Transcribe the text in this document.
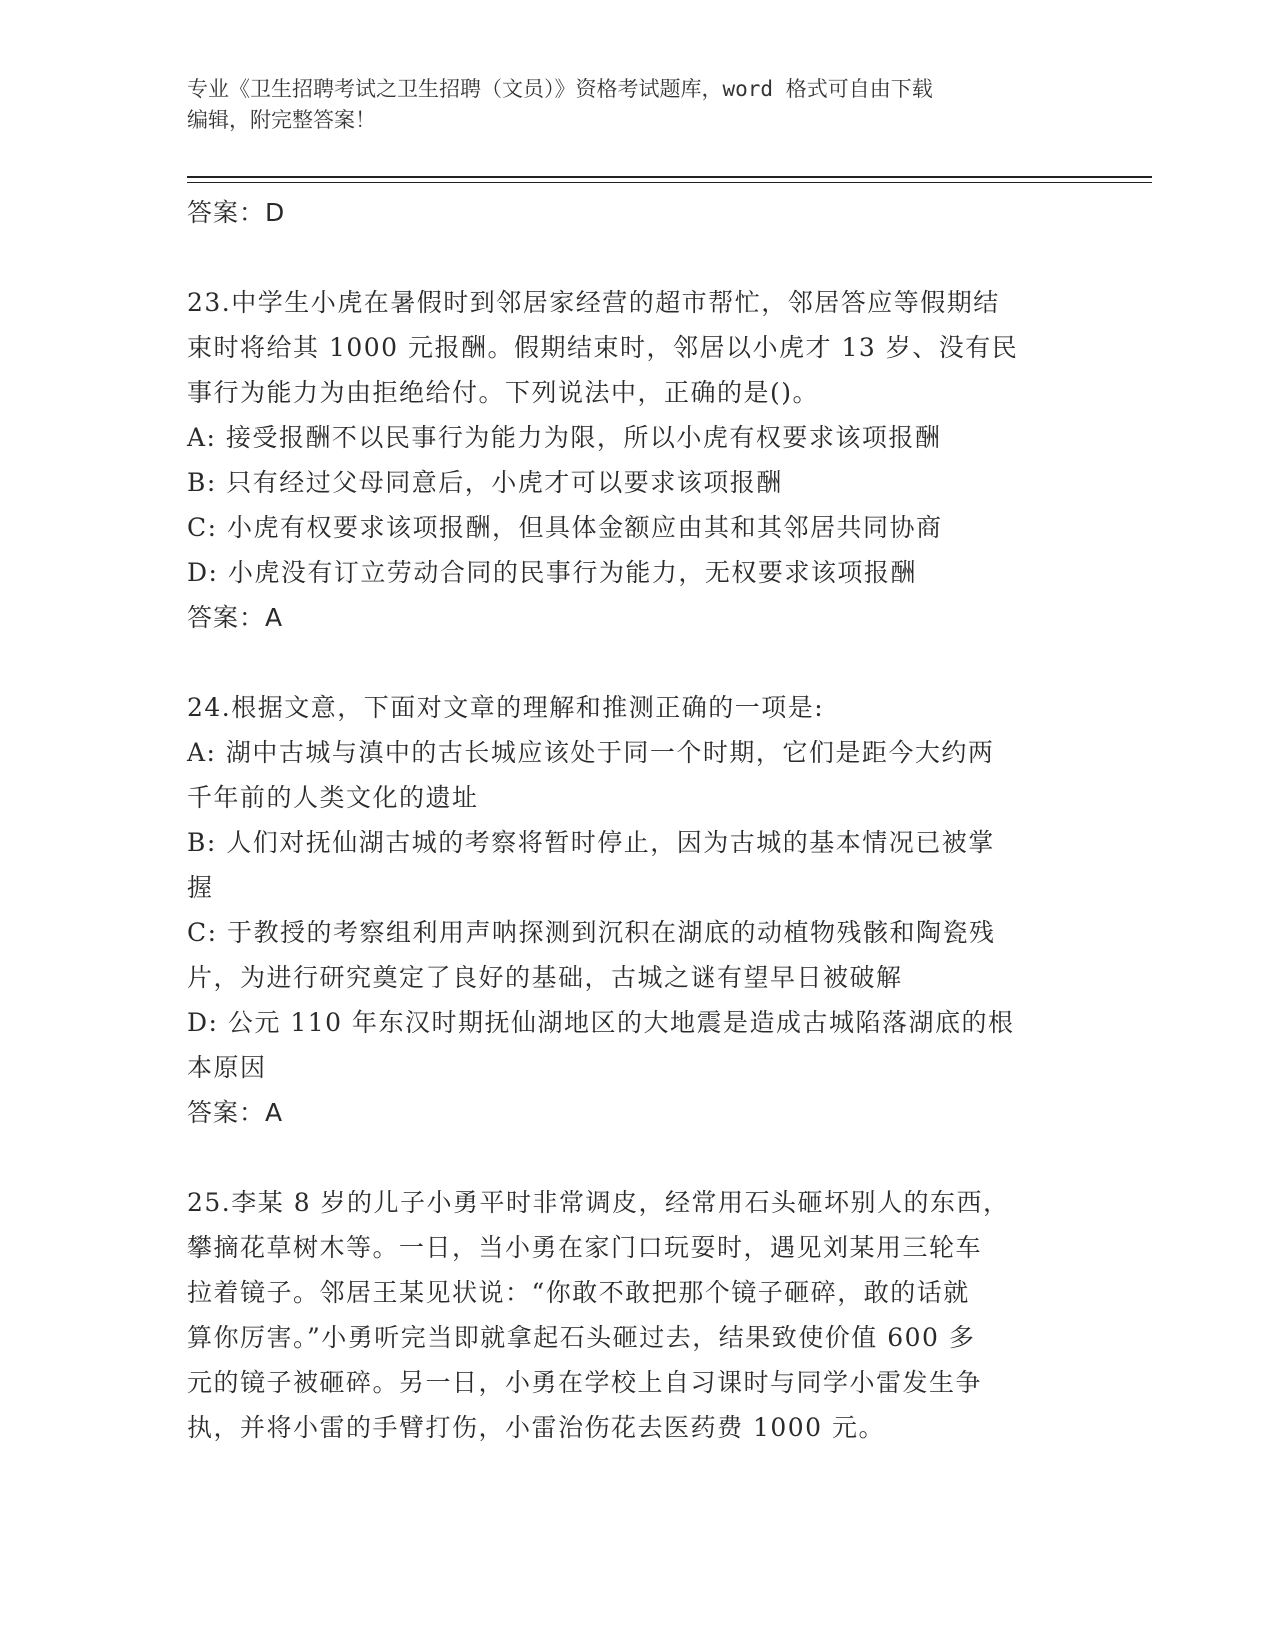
专业《卫生招聘考试之卫生招聘（文员）》资格考试题库，word 格式可自由下载
编辑，附完整答案！
答案：D
23.中学生小虎在暑假时到邻居家经营的超市帮忙，邻居答应等假期结
束时将给其 1000 元报酬。假期结束时，邻居以小虎才 13 岁、没有民
事行为能力为由拒绝给付。下列说法中，正确的是()。
A: 接受报酬不以民事行为能力为限，所以小虎有权要求该项报酬
B: 只有经过父母同意后，小虎才可以要求该项报酬
C: 小虎有权要求该项报酬，但具体金额应由其和其邻居共同协商
D: 小虎没有订立劳动合同的民事行为能力，无权要求该项报酬
答案：A
24.根据文意，下面对文章的理解和推测正确的一项是:
A: 湖中古城与滇中的古长城应该处于同一个时期，它们是距今大约两
千年前的人类文化的遗址
B: 人们对抚仙湖古城的考察将暂时停止，因为古城的基本情况已被掌
握
C: 于教授的考察组利用声呐探测到沉积在湖底的动植物残骸和陶瓷残
片，为进行研究奠定了良好的基础，古城之谜有望早日被破解
D: 公元 110 年东汉时期抚仙湖地区的大地震是造成古城陷落湖底的根
本原因
答案：A
25.李某 8 岁的儿子小勇平时非常调皮，经常用石头砸坏别人的东西，
攀摘花草树木等。一日，当小勇在家门口玩耍时，遇见刘某用三轮车
拉着镜子。邻居王某见状说：“你敢不敢把那个镜子砸碎，敢的话就
算你厉害。”小勇听完当即就拿起石头砸过去，结果致使价值 600 多
元的镜子被砸碎。另一日，小勇在学校上自习课时与同学小雷发生争
执，并将小雷的手臂打伤，小雷治伤花去医药费 1000 元。
